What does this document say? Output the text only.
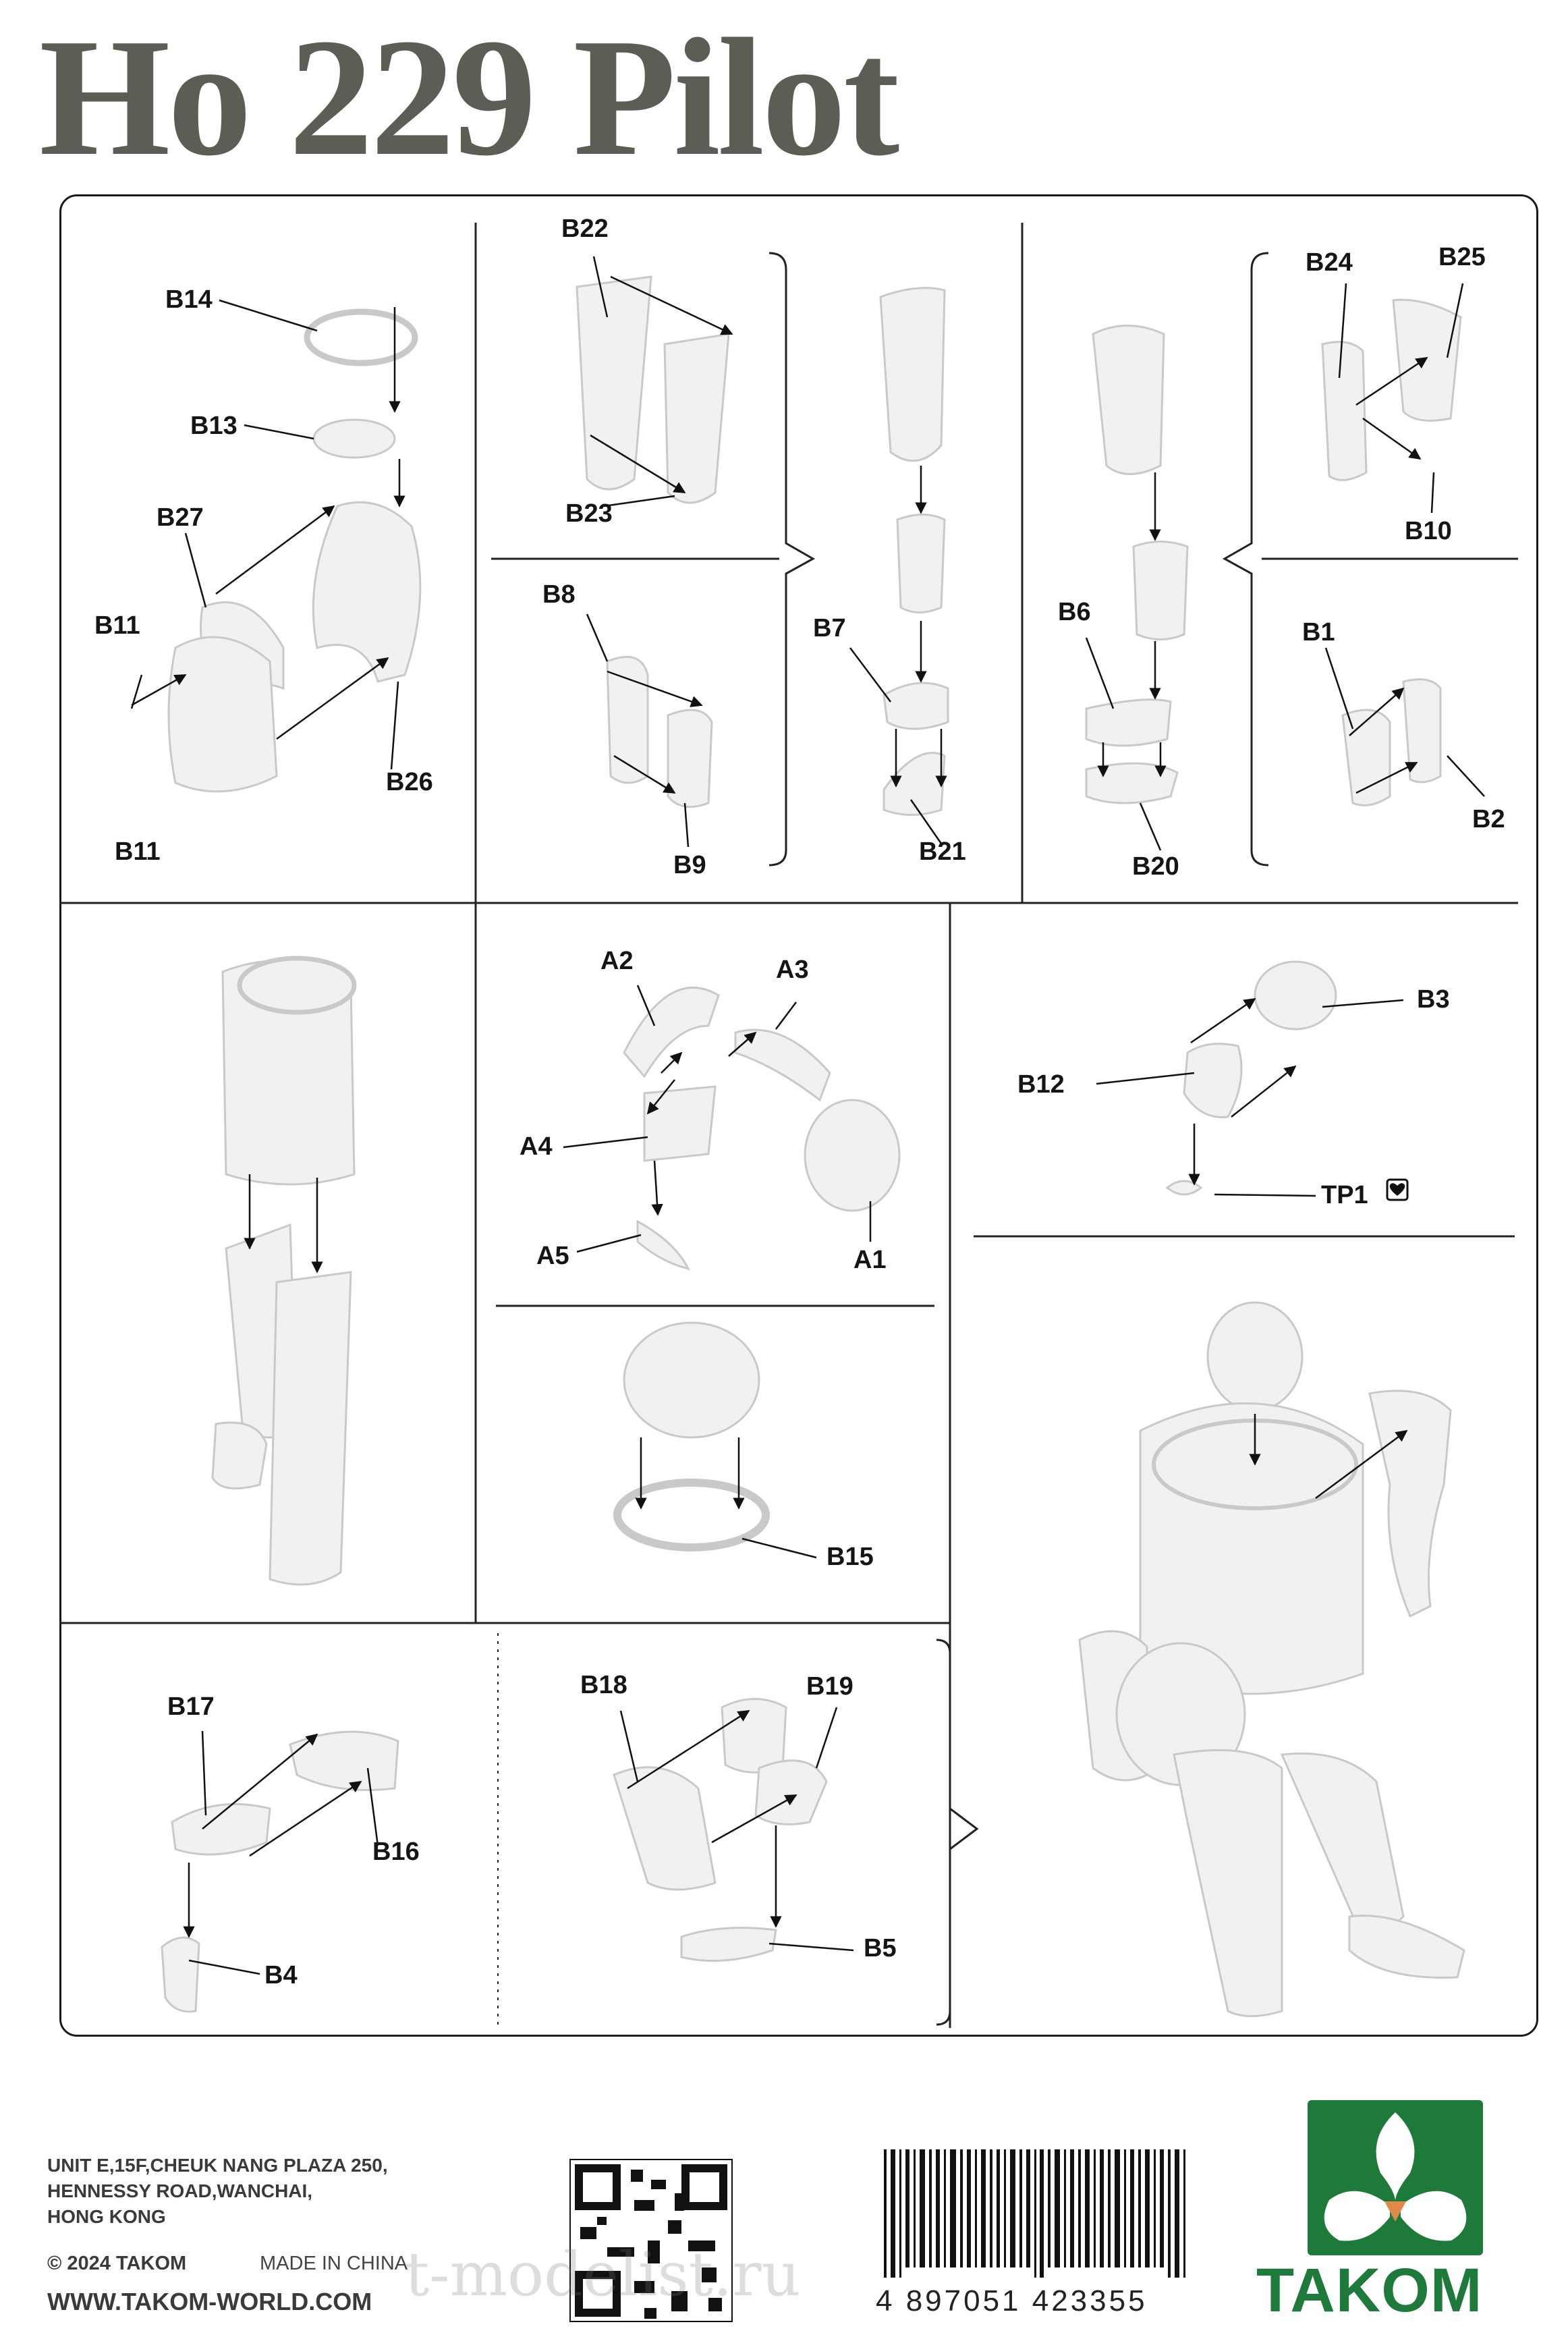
Ho 229 Pilot
B14
B13
B27
B11
B11
B26
B22
B23
B8
B9
B7
B21
B6
B20
B24	B25
B10
B1
B2
A2	A3
A4
A5	A1
B15
B3
B12
TP1
B17
B16
B4
B18	B19
B5
UNIT E,15F,CHEUK NANG PLAZA 250,
HENNESSY ROAD,WANCHAI,
HONG KONG
© 2024 TAKOM	MADE IN CHINA
WWW.TAKOM-WORLD.COM t-modelist.ru	4 897051 423355 TAKOM
